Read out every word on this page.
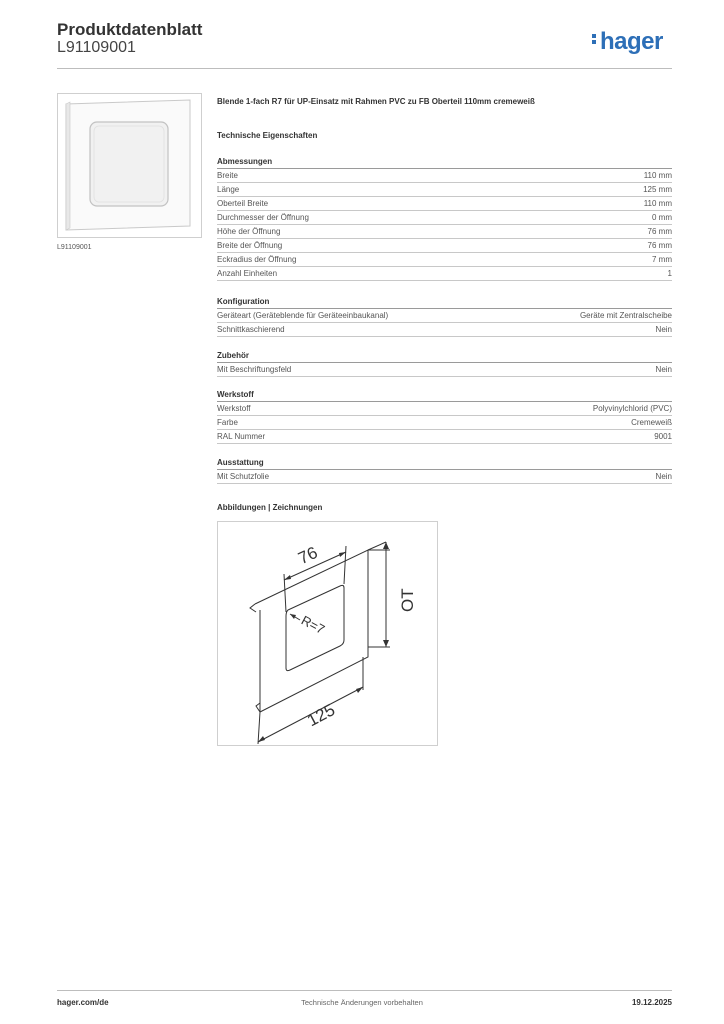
Produktdatenblatt
L91109001	hager
L91109001
Blende 1-fach R7 für UP-Einsatz mit Rahmen PVC zu FB Oberteil 110mm cremeweiß
Technische Eigenschaften
Abmessungen
Breite	110 mm
Länge	125 mm
Oberteil Breite	110 mm
Durchmesser der Öffnung	0 mm
Höhe der Öffnung	76 mm
Breite der Öffnung	76 mm
Eckradius der Öffnung	7 mm
Anzahl Einheiten	1
Konfiguration
Geräteart (Geräteblende für Geräteeinbaukanal)	Geräte mit Zentralscheibe
Schnittkaschierend	Nein
Zubehör
Mit Beschriftungsfeld	Nein
Werkstoff
Werkstoff	Polyvinylchlorid (PVC)
Farbe	Cremeweiß
RAL Nummer	9001
Ausstattung
Mit Schutzfolie	Nein
Abbildungen | Zeichnungen
76
OT
125
R=7
hager.com/de	Technische Änderungen vorbehalten	19.12.2025
